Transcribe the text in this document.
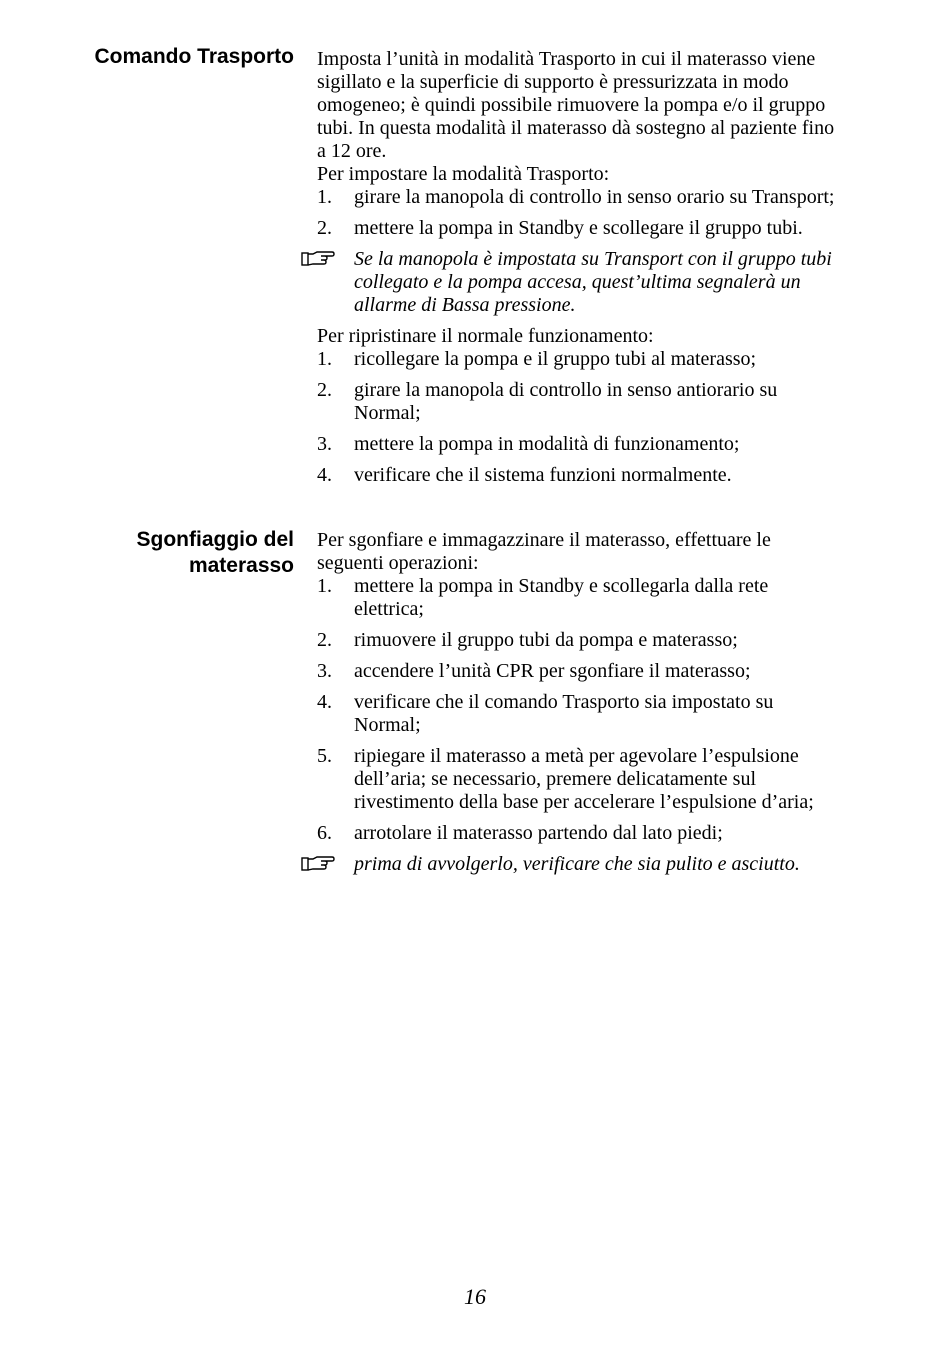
Comando Trasporto Imposta l’unità in modalità Trasporto in cui il materasso viene sigillato e la superficie di supporto è pressurizzata in modo omogeneo; è quindi possibile rimuovere la pompa e/o il gruppo tubi. In questa modalità il materasso dà sostegno al paziente fino a 12 ore.

Per impostare la modalità Trasporto:

1.	girare la manopola di controllo in senso orario su Transport;
2.	mettere la pompa in Standby e scollegare il gruppo tubi.
Se la manopola è impostata su Transport con il gruppo tubi collegato e la pompa accesa, quest’ultima segnalerà un allarme di Bassa pressione.

Per ripristinare il normale funzionamento:

1.	ricollegare la pompa e il gruppo tubi al materasso;
2.	girare la manopola di controllo in senso antiorario su Normal;
3.	mettere la pompa in modalità di funzionamento;
4.	verificare che il sistema funzioni normalmente.
Sgonfiaggio del
materasso

Per sgonfiare e immagazzinare il materasso, effettuare le seguenti operazioni:

1.	mettere la pompa in Standby e scollegarla dalla rete elettrica;
2.	rimuovere il gruppo tubi da pompa e materasso;
3.	accendere l’unità CPR per sgonfiare il materasso;
4.	verificare che il comando Trasporto sia impostato su Normal;
5.	ripiegare il materasso a metà per agevolare l’espulsione dell’aria; se necessario, premere delicatamente sul rivestimento della base per accelerare l’espulsione d’aria;
6.	arrotolare il materasso partendo dal lato piedi;
prima di avvolgerlo, verificare che sia pulito e asciutto.
16
